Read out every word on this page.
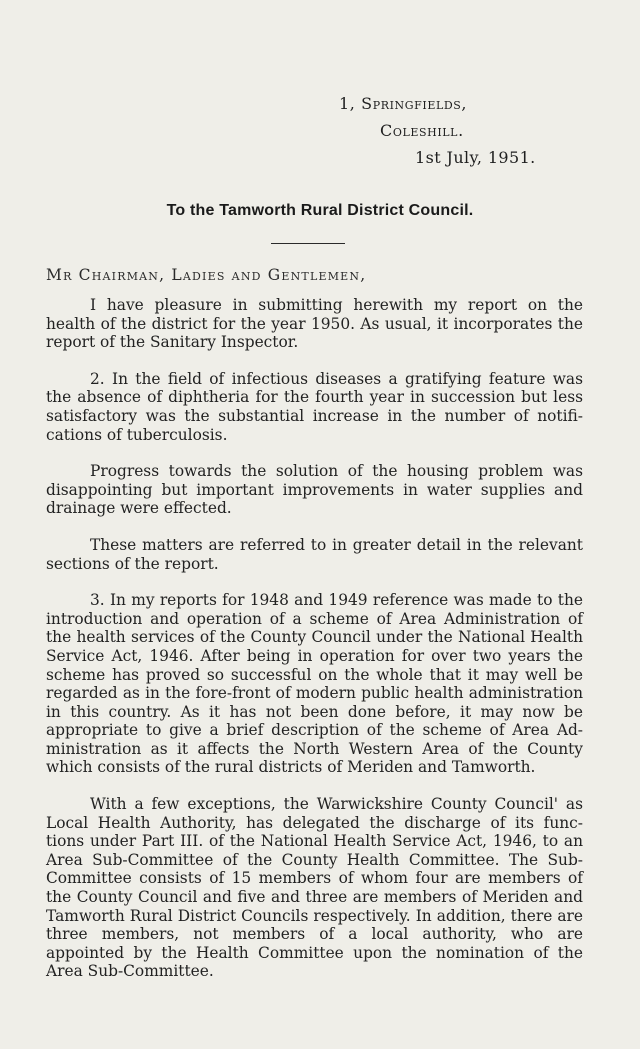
1, Springfields,
Coleshill.
1st July, 1951.
To the Tamworth Rural District Council.
Mr Chairman, Ladies and Gentlemen,

I have pleasure in submitting herewith my report on the health of the district for the year 1950. As usual, it incorporates the report of the Sanitary Inspector.

2. In the field of infectious diseases a gratifying feature was the absence of diphtheria for the fourth year in succession but less satisfactory was the substantial increase in the number of notifi- cations of tuberculosis.

Progress towards the solution of the housing problem was disappointing but important improvements in water supplies and drainage were effected.

These matters are referred to in greater detail in the relevant sections of the report.

3. In my reports for 1948 and 1949 reference was made to the introduction and operation of a scheme of Area Administration of the health services of the County Council under the National Health Service Act, 1946. After being in operation for over two years the scheme has proved so successful on the whole that it may well be regarded as in the fore-front of modern public health administration in this country. As it has not been done before, it may now be appropriate to give a brief description of the scheme of Area Ad- ministration as it affects the North Western Area of the County which consists of the rural districts of Meriden and Tamworth.

With a few exceptions, the Warwickshire County Council' as Local Health Authority, has delegated the discharge of its func- tions under Part III. of the National Health Service Act, 1946, to an Area Sub-Committee of the County Health Committee. The Sub-Committee consists of 15 members of whom four are members of the County Council and five and three are members of Meriden and Tamworth Rural District Councils respectively. In addition, there are three members, not members of a local authority, who are appointed by the Health Committee upon the nomination of the Area Sub-Committee.
